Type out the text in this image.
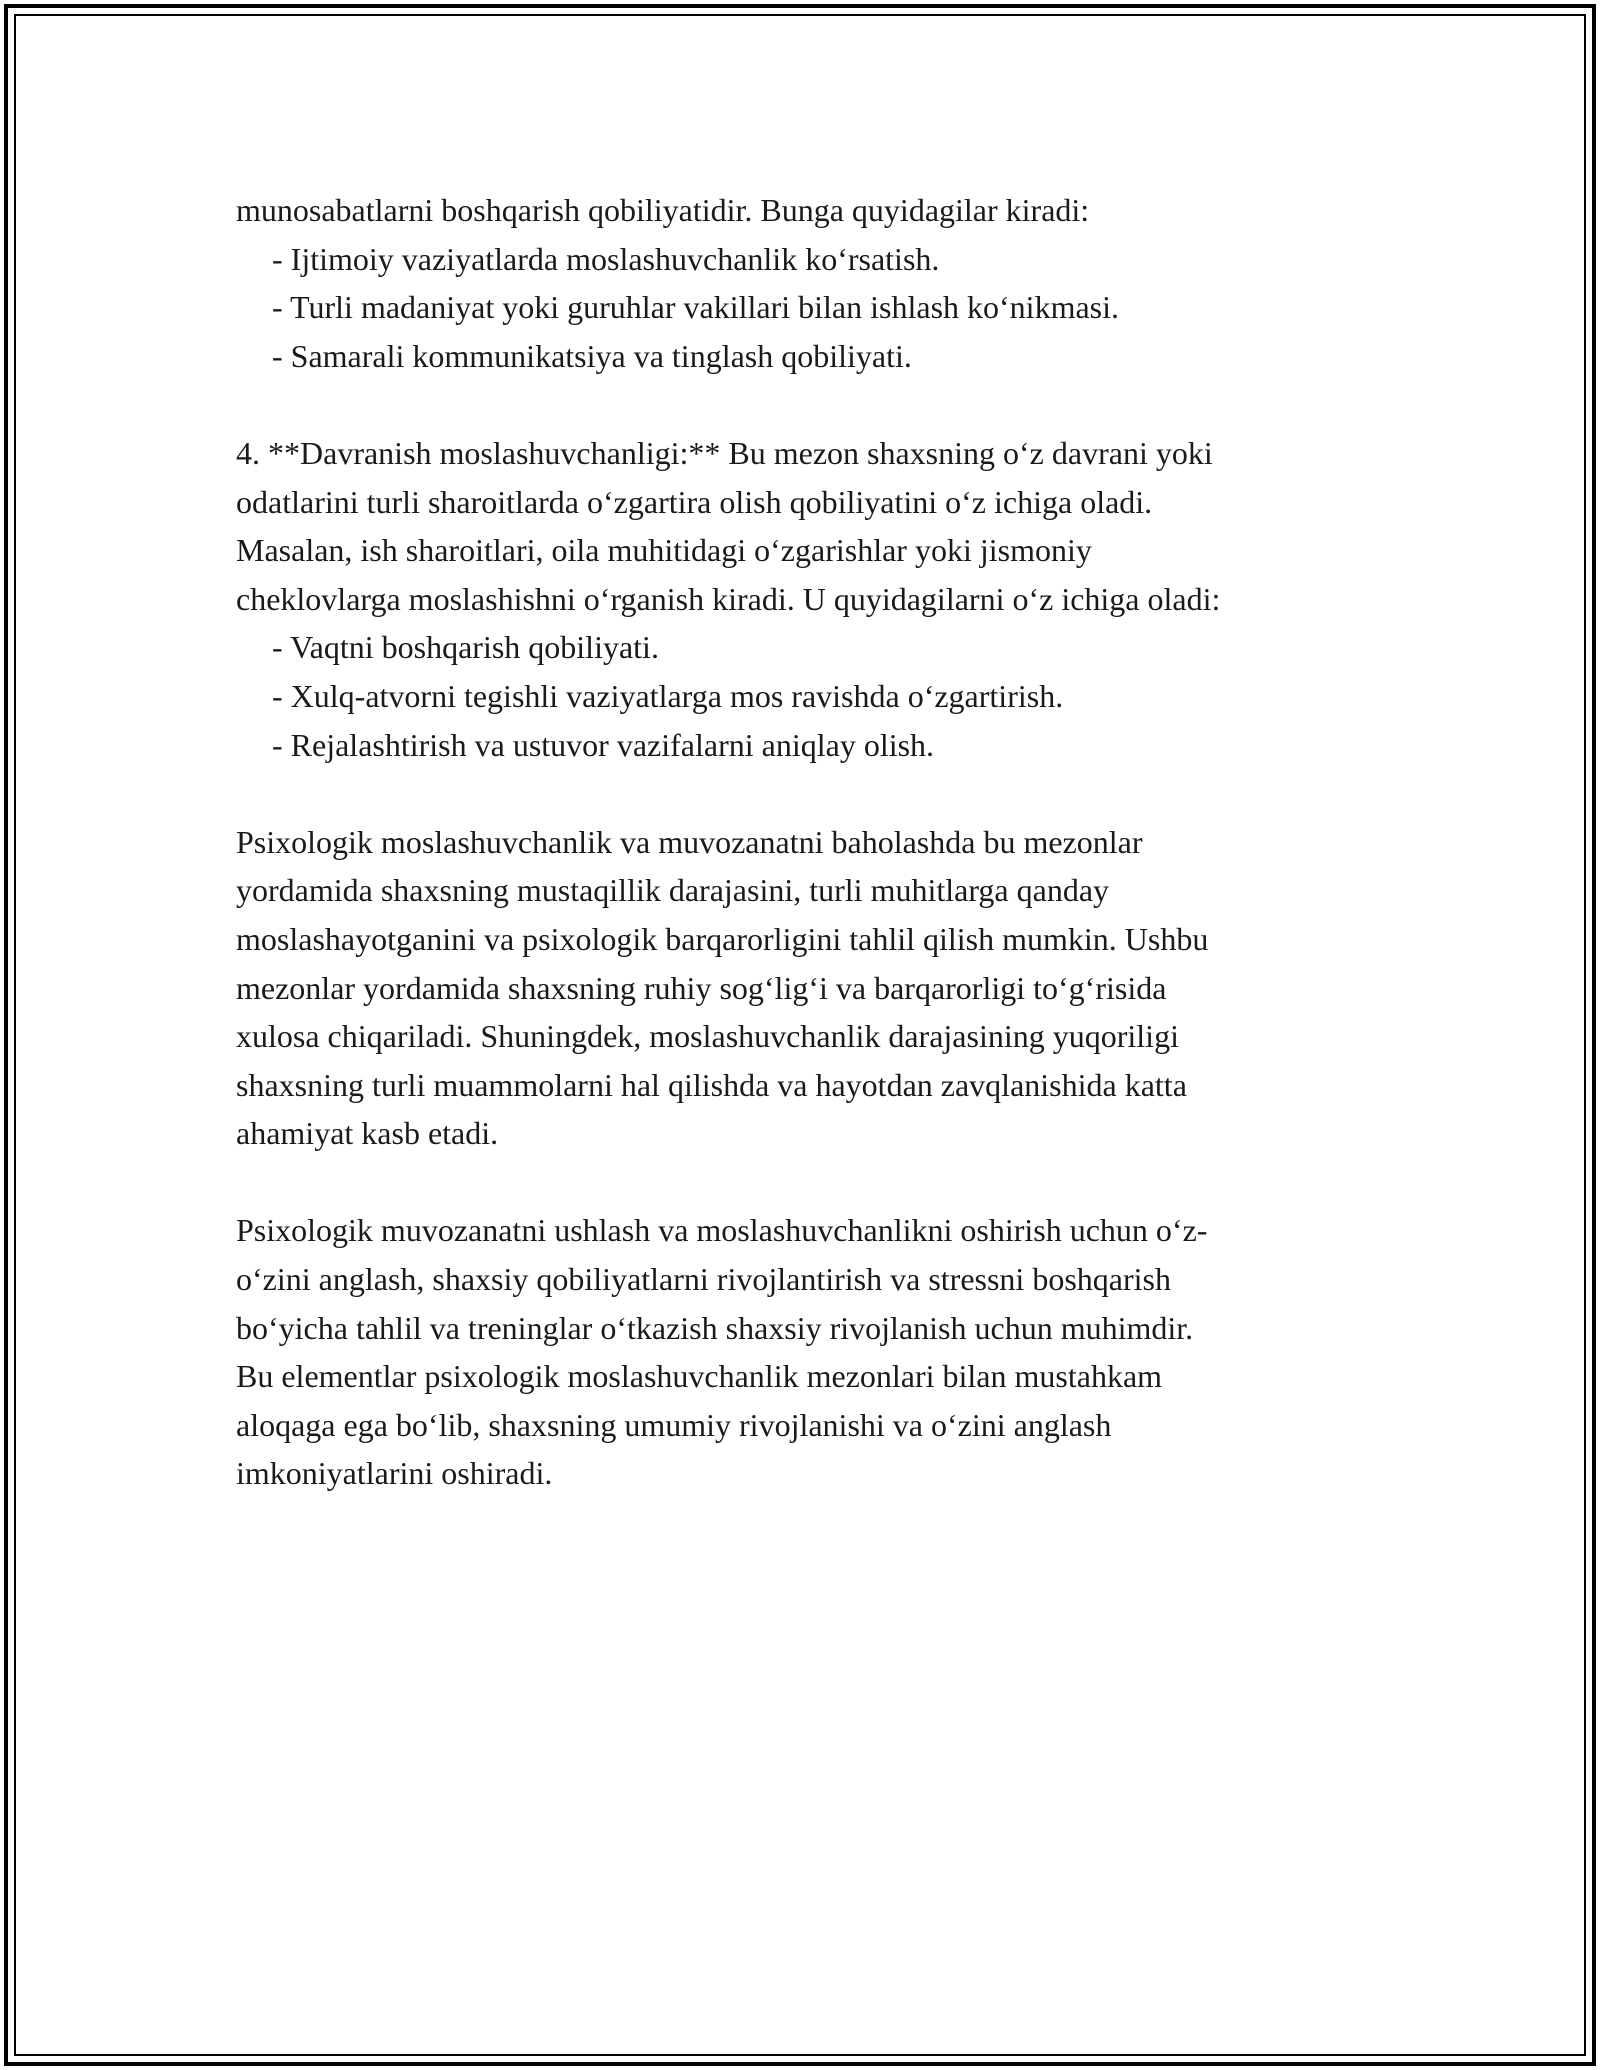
munosabatlarni boshqarish qobiliyatidir. Bunga quyidagilar kiradi:

- Ijtimoiy vaziyatlarda moslashuvchanlik ko‘rsatish.

- Turli madaniyat yoki guruhlar vakillari bilan ishlash ko‘nikmasi.

- Samarali kommunikatsiya va tinglash qobiliyati.

4. **Davranish moslashuvchanligi:** Bu mezon shaxsning o‘z davrani yoki

odatlarini turli sharoitlarda o‘zgartira olish qobiliyatini o‘z ichiga oladi.

Masalan, ish sharoitlari, oila muhitidagi o‘zgarishlar yoki jismoniy

cheklovlarga moslashishni o‘rganish kiradi. U quyidagilarni o‘z ichiga oladi:

- Vaqtni boshqarish qobiliyati.

- Xulq-atvorni tegishli vaziyatlarga mos ravishda o‘zgartirish.

- Rejalashtirish va ustuvor vazifalarni aniqlay olish.

Psixologik moslashuvchanlik va muvozanatni baholashda bu mezonlar

yordamida shaxsning mustaqillik darajasini, turli muhitlarga qanday

moslashayotganini va psixologik barqarorligini tahlil qilish mumkin. Ushbu

mezonlar yordamida shaxsning ruhiy sog‘lig‘i va barqarorligi to‘g‘risida

xulosa chiqariladi. Shuningdek, moslashuvchanlik darajasining yuqoriligi

shaxsning turli muammolarni hal qilishda va hayotdan zavqlanishida katta

ahamiyat kasb etadi.

Psixologik muvozanatni ushlash va moslashuvchanlikni oshirish uchun o‘z-

o‘zini anglash, shaxsiy qobiliyatlarni rivojlantirish va stressni boshqarish

bo‘yicha tahlil va treninglar o‘tkazish shaxsiy rivojlanish uchun muhimdir.

Bu elementlar psixologik moslashuvchanlik mezonlari bilan mustahkam

aloqaga ega bo‘lib, shaxsning umumiy rivojlanishi va o‘zini anglash

imkoniyatlarini oshiradi.
